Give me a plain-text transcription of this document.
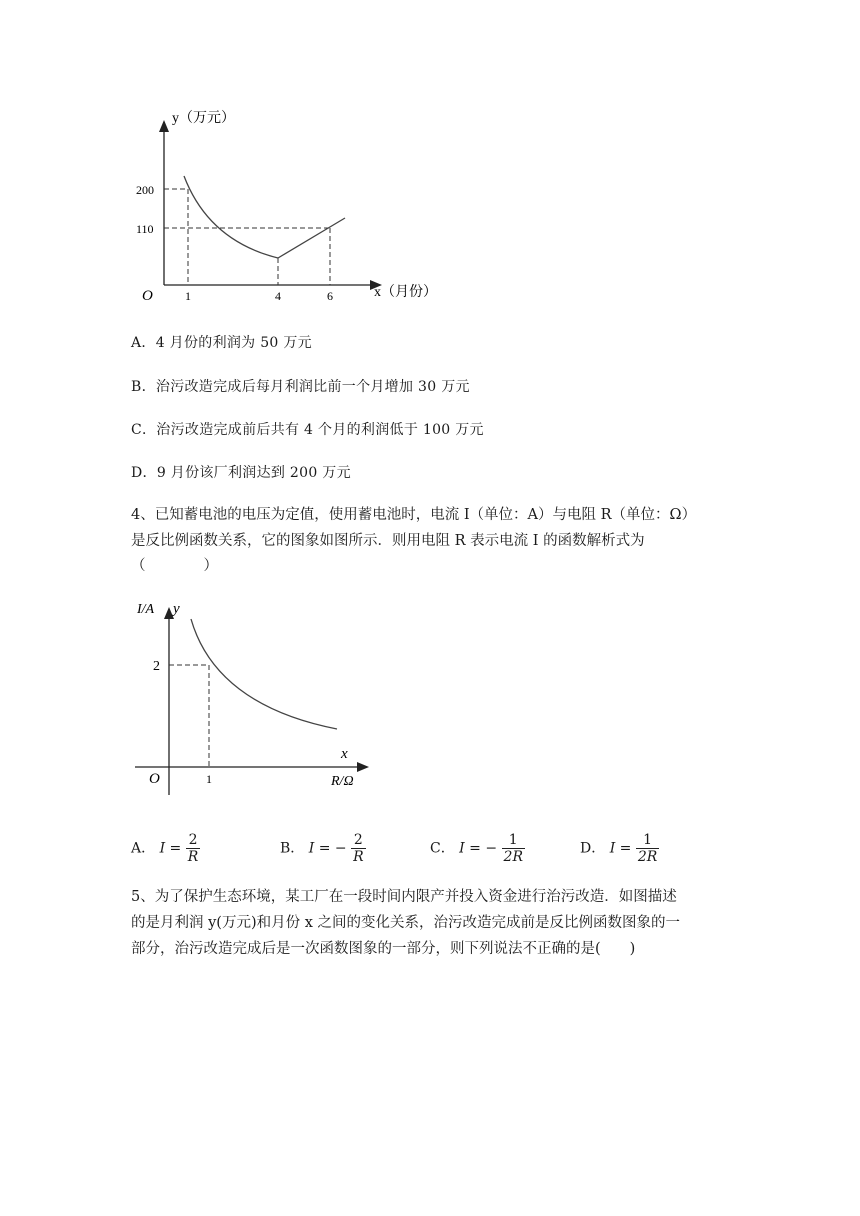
y（万元）
x（月份）
O
200
110
1	4	6
A．4 月份的利润为 50 万元
B．治污改造完成后每月利润比前一个月增加 30 万元
C．治污改造完成前后共有 4 个月的利润低于 100 万元
D．9 月份该厂利润达到 200 万元
4、已知蓄电池的电压为定值，使用蓄电池时，电流 I（单位：A）与电阻 R（单位：Ω）
是反比例函数关系，它的图象如图所示．则用电阻 R 表示电流 I 的函数解析式为
（　　　　）
I/A y
x
R/Ω
O
2
1
A． $I = \frac{2}{R}$	B． I = − $\frac{2}{R}$	C． I = − $\frac{1}{2R}$	D． $I = \frac{1}{2R}$
5、为了保护生态环境，某工厂在一段时间内限产并投入资金进行治污改造．如图描述
的是月利润 y(万元)和月份 x 之间的变化关系，治污改造完成前是反比例函数图象的一
部分，治污改造完成后是一次函数图象的一部分，则下列说法不正确的是(　　)
